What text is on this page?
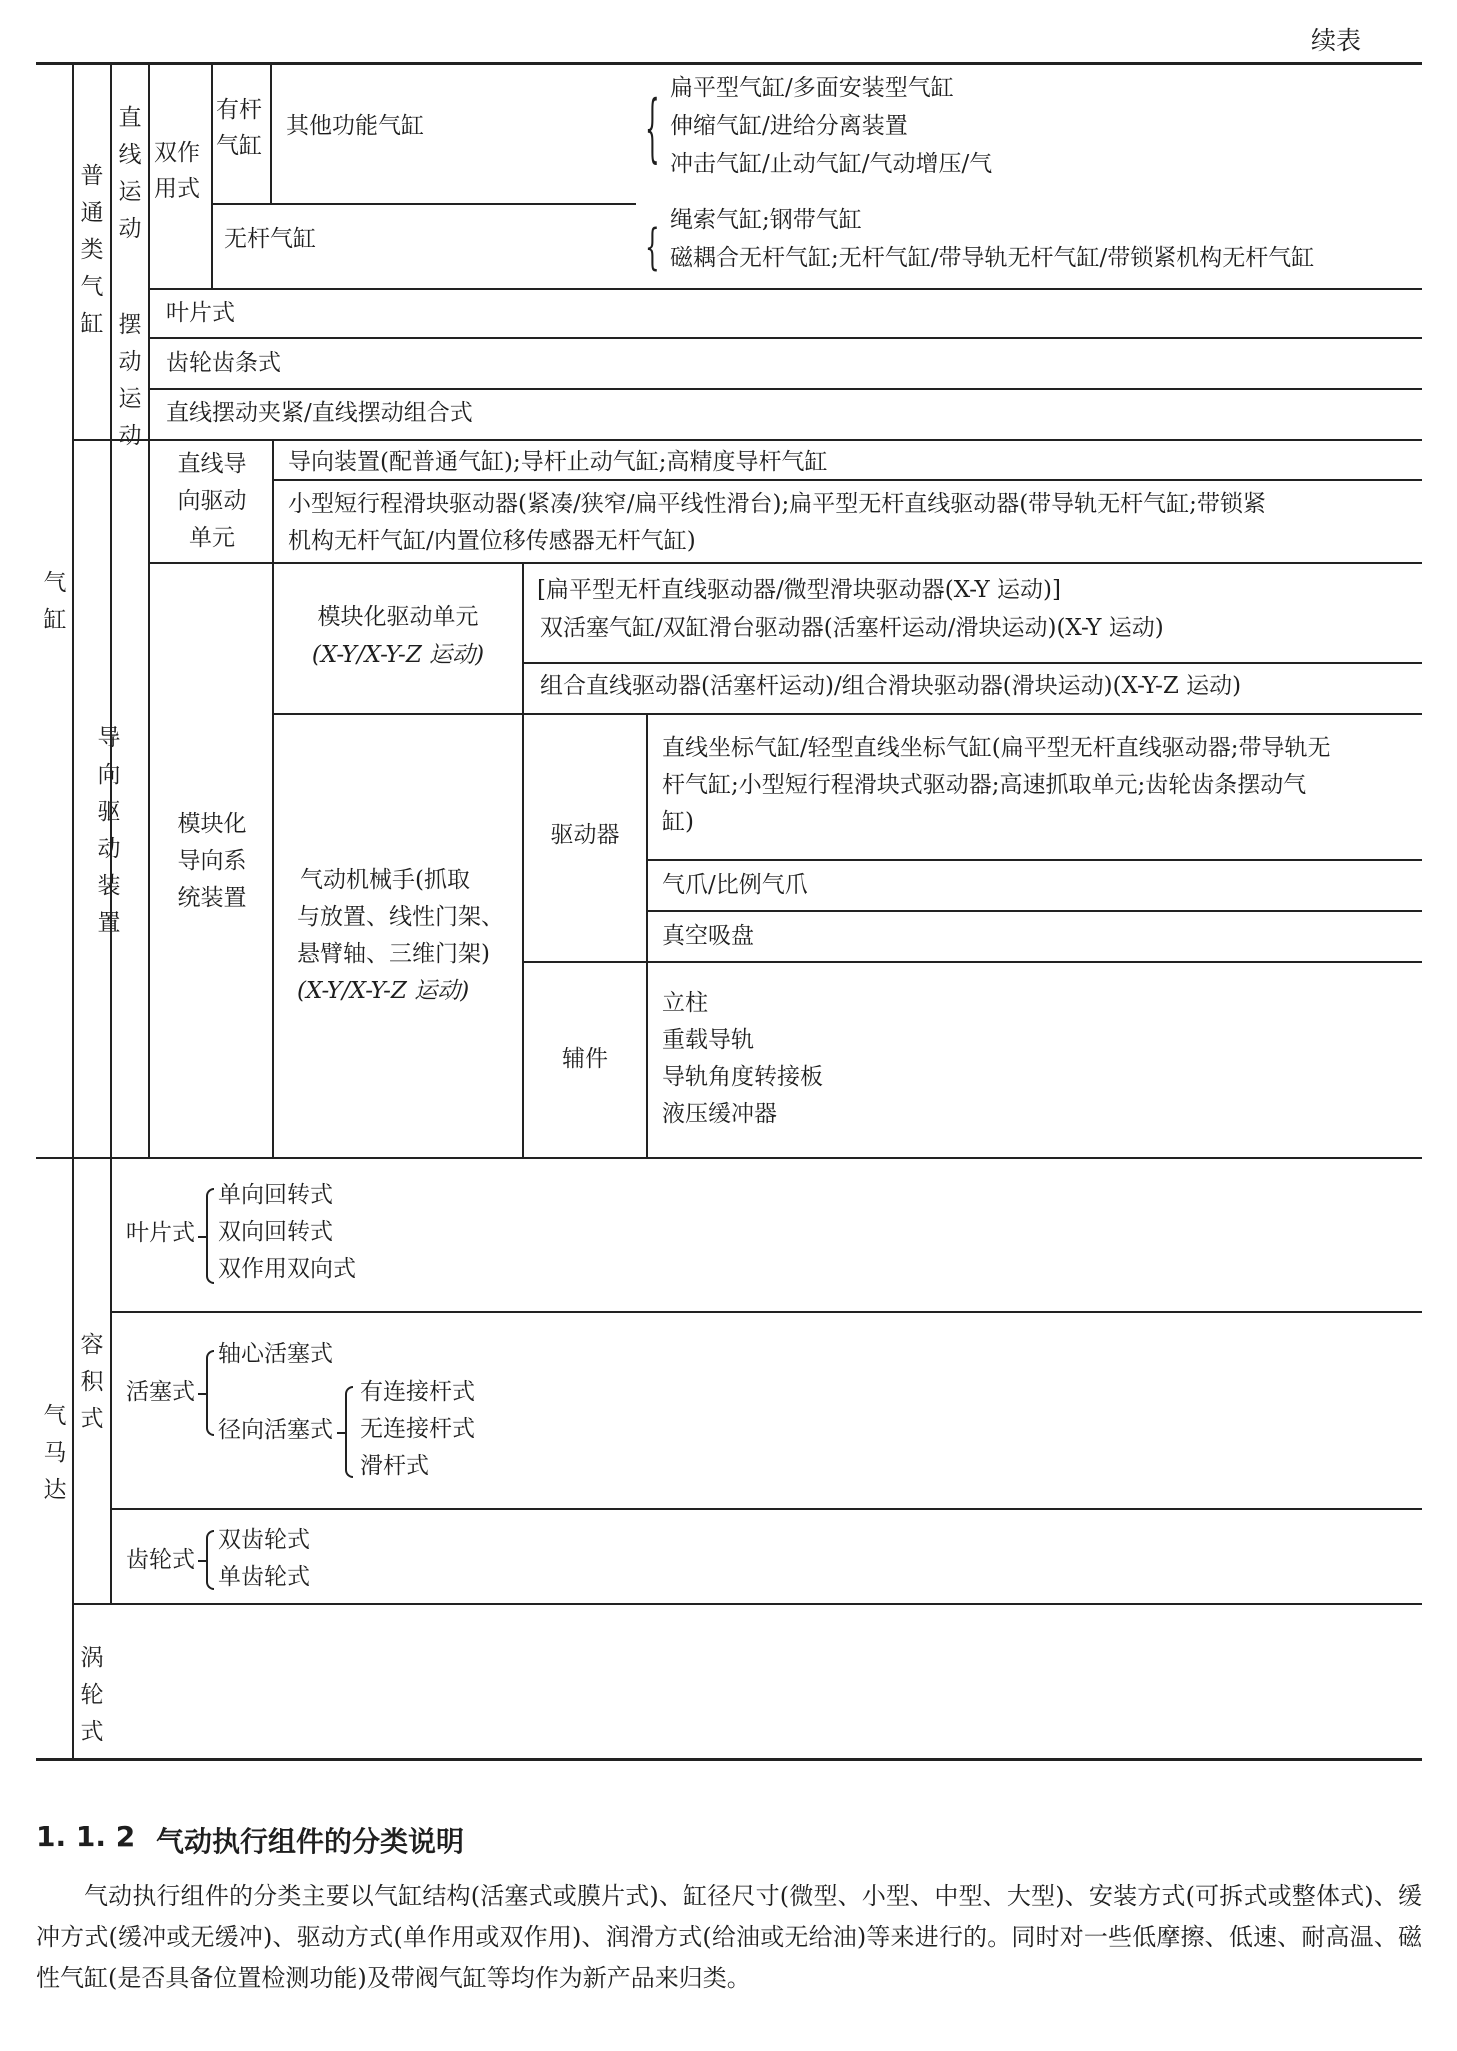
续表
气缸
气马达
普通类气缸
导向驱动装置
容积式
涡轮式
直线运动
摆动运动
双作用式
有杆气缸
其他功能气缸	{
扁平型气缸/多面安装型气缸
伸缩气缸/进给分离装置
冲击气缸/止动气缸/气动增压/气
无杆气缸	{
绳索气缸;钢带气缸
磁耦合无杆气缸;无杆气缸/带导轨无杆气缸/带锁紧机构无杆气缸
叶片式
齿轮齿条式
直线摆动夹紧/直线摆动组合式
直线导向驱动单元
导向装置(配普通气缸);导杆止动气缸;高精度导杆气缸
小型短行程滑块驱动器(紧凑/狭窄/扁平线性滑台);扁平型无杆直线驱动器(带导轨无杆气缸;带锁紧
机构无杆气缸/内置位移传感器无杆气缸)
模块化导向系统装置
模块化驱动单元
(X-Y/X-Y-Z 运动)
[扁平型无杆直线驱动器/微型滑块驱动器(X-Y 运动)]
双活塞气缸/双缸滑台驱动器(活塞杆运动/滑块运动)(X-Y 运动)
组合直线驱动器(活塞杆运动)/组合滑块驱动器(滑块运动)(X-Y-Z 运动)
气动机械手(抓取
与放置、线性门架、
悬臂轴、三维门架)
(X-Y/X-Y-Z 运动)
驱动器
直线坐标气缸/轻型直线坐标气缸(扁平型无杆直线驱动器;带导轨无
杆气缸;小型短行程滑块式驱动器;高速抓取单元;齿轮齿条摆动气
缸)
气爪/比例气爪
真空吸盘
辅件
立柱
重载导轨
导轨角度转接板
液压缓冲器
叶片式
单向回转式
双向回转式
双作用双向式
活塞式
轴心活塞式
径向活塞式
有连接杆式
无连接杆式
滑杆式
齿轮式
双齿轮式
单齿轮式
1. 1. 2 气动执行组件的分类说明
气动执行组件的分类主要以气缸结构(活塞式或膜片式)、缸径尺寸(微型、小型、中型、大型)、安装方式(可拆式或整体式)、缓冲方式(缓冲或无缓冲)、驱动方式(单作用或双作用)、润滑方式(给油或无给油)等来进行的。同时对一些低摩擦、低速、耐高温、磁性气缸(是否具备位置检测功能)及带阀气缸等均作为新产品来归类。
